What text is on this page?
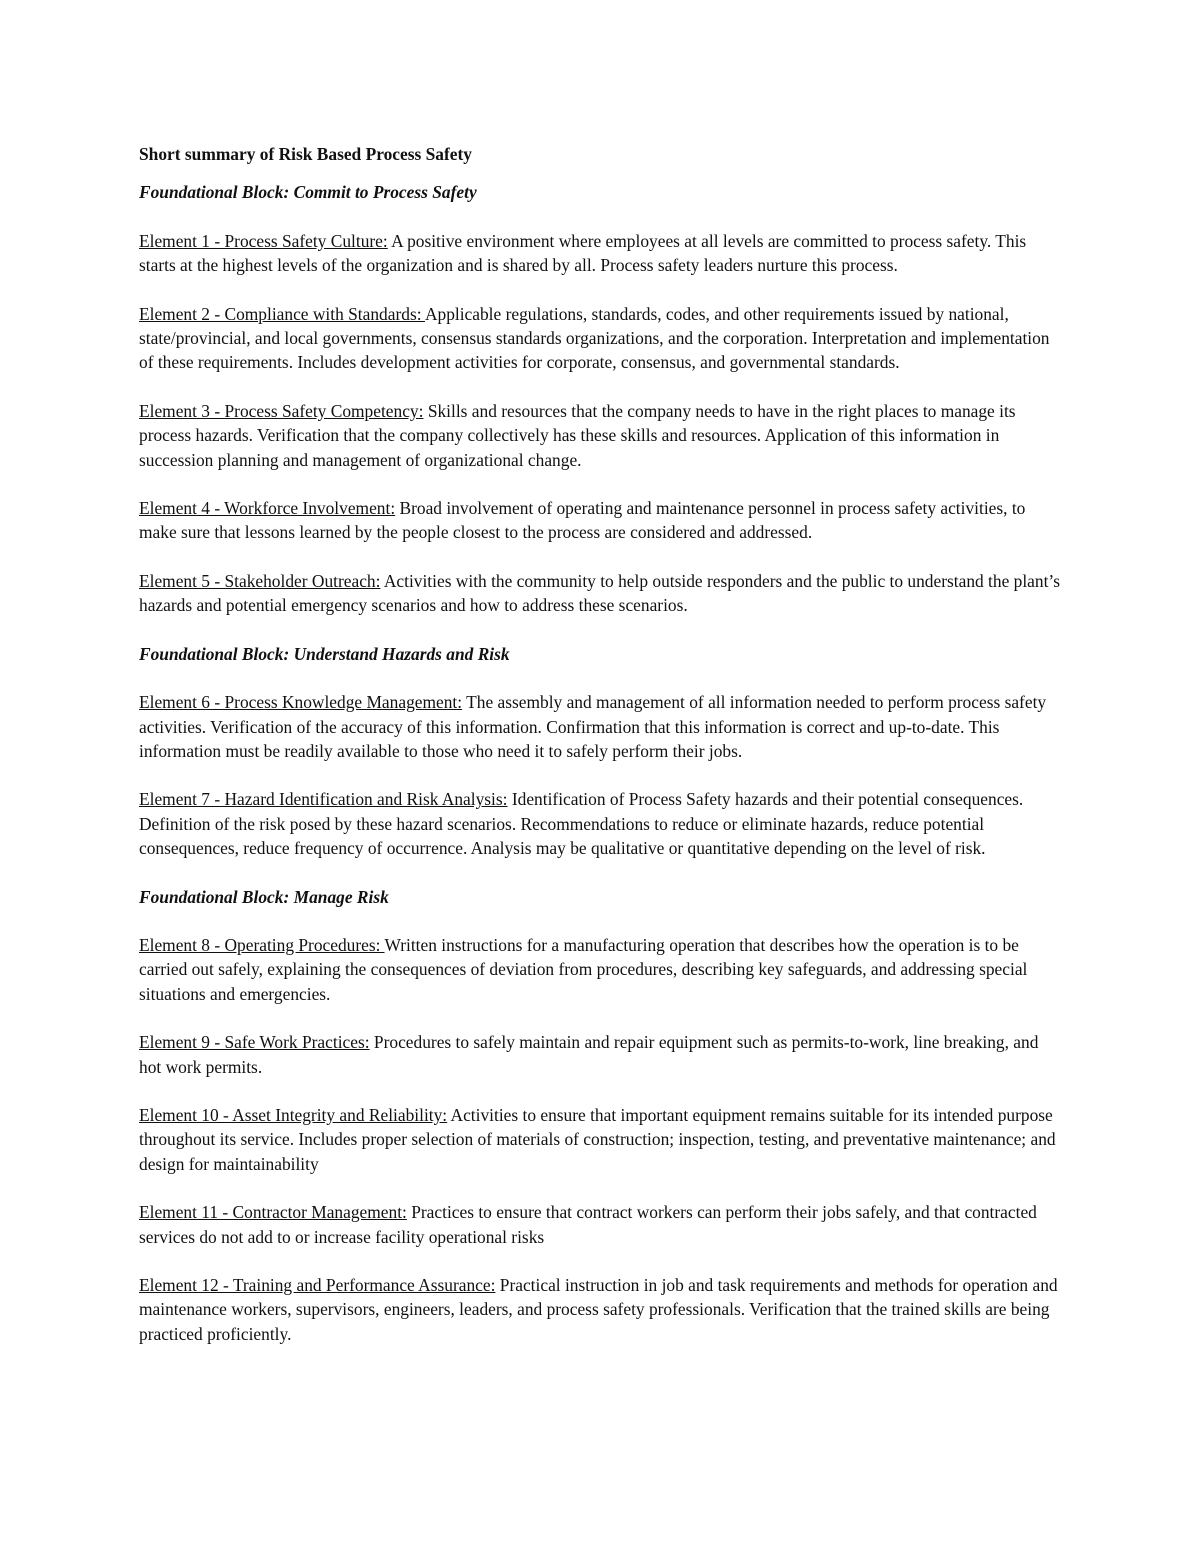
Short summary of Risk Based Process Safety
Foundational Block: Commit to Process Safety
Element 1 - Process Safety Culture: A positive environment where employees at all levels are committed to process safety. This starts at the highest levels of the organization and is shared by all. Process safety leaders nurture this process.
Element 2 - Compliance with Standards: Applicable regulations, standards, codes, and other requirements issued by national, state/provincial, and local governments, consensus standards organizations, and the corporation. Interpretation and implementation of these requirements. Includes development activities for corporate, consensus, and governmental standards.
Element 3 - Process Safety Competency: Skills and resources that the company needs to have in the right places to manage its process hazards. Verification that the company collectively has these skills and resources. Application of this information in succession planning and management of organizational change.
Element 4 - Workforce Involvement: Broad involvement of operating and maintenance personnel in process safety activities, to make sure that lessons learned by the people closest to the process are considered and addressed.
Element 5 - Stakeholder Outreach: Activities with the community to help outside responders and the public to understand the plant’s hazards and potential emergency scenarios and how to address these scenarios.
Foundational Block: Understand Hazards and Risk
Element 6 - Process Knowledge Management: The assembly and management of all information needed to perform process safety activities. Verification of the accuracy of this information. Confirmation that this information is correct and up-to-date. This information must be readily available to those who need it to safely perform their jobs.
Element 7 - Hazard Identification and Risk Analysis: Identification of Process Safety hazards and their potential consequences. Definition of the risk posed by these hazard scenarios. Recommendations to reduce or eliminate hazards, reduce potential consequences, reduce frequency of occurrence. Analysis may be qualitative or quantitative depending on the level of risk.
Foundational Block: Manage Risk
Element 8 - Operating Procedures: Written instructions for a manufacturing operation that describes how the operation is to be carried out safely, explaining the consequences of deviation from procedures, describing key safeguards, and addressing special situations and emergencies.
Element 9 - Safe Work Practices: Procedures to safely maintain and repair equipment such as permits-to-work, line breaking, and hot work permits.
Element 10 - Asset Integrity and Reliability: Activities to ensure that important equipment remains suitable for its intended purpose throughout its service. Includes proper selection of materials of construction; inspection, testing, and preventative maintenance; and design for maintainability
Element 11 - Contractor Management: Practices to ensure that contract workers can perform their jobs safely, and that contracted services do not add to or increase facility operational risks
Element 12 - Training and Performance Assurance: Practical instruction in job and task requirements and methods for operation and maintenance workers, supervisors, engineers, leaders, and process safety professionals. Verification that the trained skills are being practiced proficiently.
